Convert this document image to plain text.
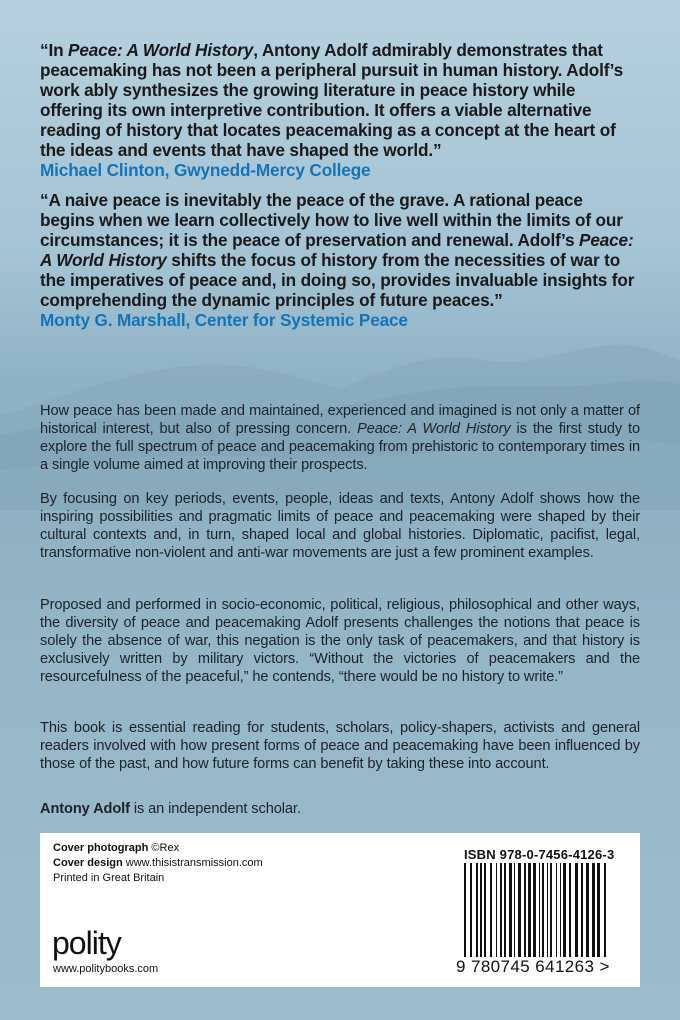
“In Peace: A World History, Antony Adolf admirably demonstrates that peacemaking has not been a peripheral pursuit in human history. Adolf’s work ably synthesizes the growing literature in peace history while offering its own interpretive contribution. It offers a viable alternative reading of history that locates peacemaking as a concept at the heart of the ideas and events that have shaped the world.”
Michael Clinton, Gwynedd-Mercy College
“A naive peace is inevitably the peace of the grave. A rational peace begins when we learn collectively how to live well within the limits of our circumstances; it is the peace of preservation and renewal. Adolf’s Peace: A World History shifts the focus of history from the necessities of war to the imperatives of peace and, in doing so, provides invaluable insights for comprehending the dynamic principles of future peaces.”
Monty G. Marshall, Center for Systemic Peace

How peace has been made and maintained, experienced and imagined is not only a matter of historical interest, but also of pressing concern. Peace: A World History is the first study to explore the full spectrum of peace and peacemaking from prehistoric to contemporary times in a single volume aimed at improving their prospects.

By focusing on key periods, events, people, ideas and texts, Antony Adolf shows how the inspiring possibilities and pragmatic limits of peace and peacemaking were shaped by their cultural contexts and, in turn, shaped local and global histories. Diplomatic, pacifist, legal, transformative non-violent and anti-war movements are just a few prominent examples.

Proposed and performed in socio-economic, political, religious, philosophical and other ways, the diversity of peace and peacemaking Adolf presents challenges the notions that peace is solely the absence of war, this negation is the only task of peacemakers, and that history is exclusively written by military victors. “Without the victories of peacemakers and the resourcefulness of the peaceful,” he contends, “there would be no history to write.”

This book is essential reading for students, scholars, policy-shapers, activists and general readers involved with how present forms of peace and peacemaking have been influenced by those of the past, and how future forms can benefit by taking these into account.

Antony Adolf is an independent scholar.

Cover photograph ©Rex
Cover design www.thisistransmission.com
Printed in Great Britain
polity
www.politybooks.com
ISBN 978-0-7456-4126-3
9 780745 641263 >
